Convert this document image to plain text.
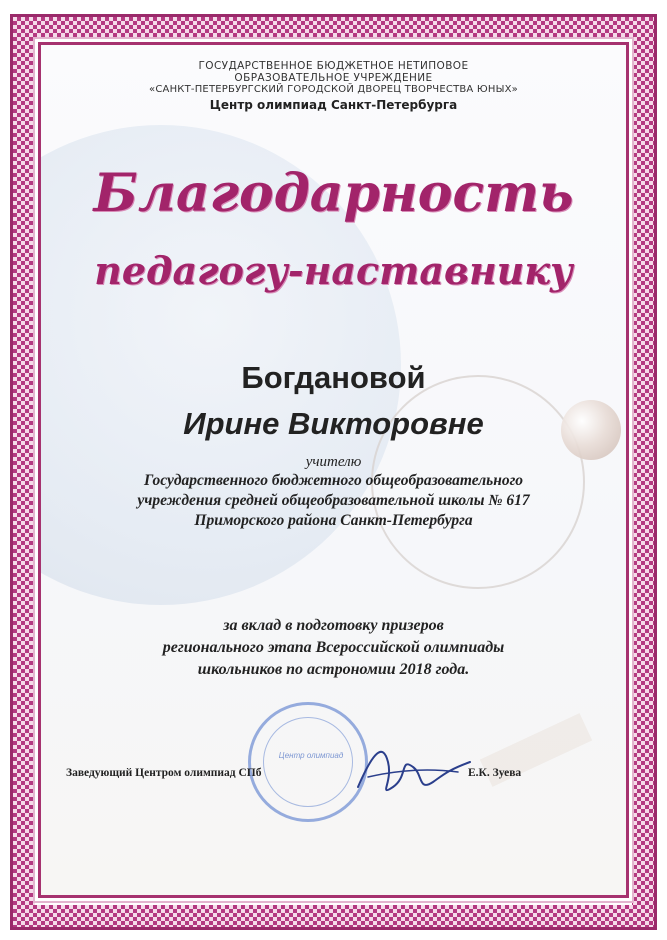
ГОСУДАРСТВЕННОЕ БЮДЖЕТНОЕ НЕТИПОВОЕ
ОБРАЗОВАТЕЛЬНОЕ УЧРЕЖДЕНИЕ
«САНКТ-ПЕТЕРБУРГСКИЙ ГОРОДСКОЙ ДВОРЕЦ ТВОРЧЕСТВА ЮНЫХ»
Центр олимпиад Санкт-Петербурга
Благодарность
педагогу-наставнику
Богдановой
Ирине Викторовне
учителю
Государственного бюджетного общеобразовательного
учреждения средней общеобразовательной школы № 617
Приморского района Санкт-Петербурга
за вклад в подготовку призеров
регионального этапа Всероссийской олимпиады
школьников по астрономии 2018 года.
Центр олимпиад
Заведующий Центром олимпиад СПб	Е.К. Зуева
